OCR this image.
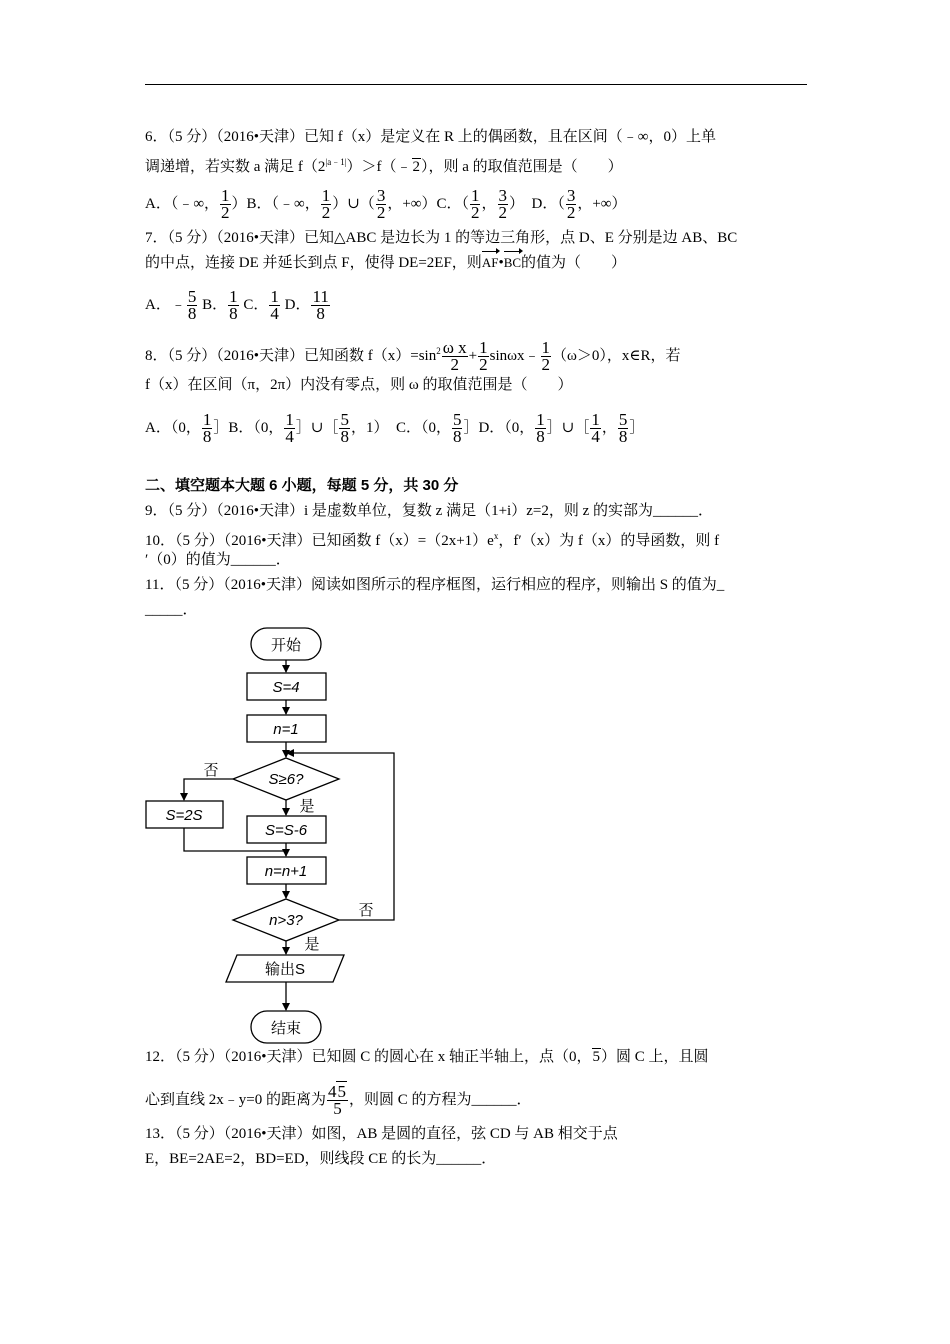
6．（5 分）（2016•天津）已知 f（x）是定义在 R 上的偶函数，且在区间（﹣∞，0）上单
调递增，若实数 a 满足 $f(2^{|a﹣1|})>f(﹣2)$，则 a 的取值范围是（　　）
A．（﹣∞， $\frac{1}{2} )B$．（﹣∞， $\frac{1}{2}$ ）∪（ $\frac{3}{2}$ ，+∞）C．（ $\frac{1}{2}$ ， $\frac{3}{2}$ ）　D．（ $\frac{3}{2}$ ，+∞）
7．（5 分）（2016•天津）已知△ABC 是边长为 1 的等边三角形，点 D、E 分别是边 AB、BC
的中点，连接 DE 并延长到点 F，使得 DE=2EF，则AF•BC的值为（　　）
A．﹣ $\frac{5}{8}$ B． $\frac{1}{8}$ C． $\frac{1}{4}$ D． $\frac{11}{8}$
8．（5 分）（2016•天津）已知函数 $f(x)=\sin^2 \frac{\text{ω x}}{2} + \frac{1}{2}$ sinωx﹣ $\frac{1}{2} (\omega>0)$，x∈R，若
f（x）在区间（π，2π）内没有零点，则 ω 的取值范围是（　　）
A．（0， $\frac{1}{8}$ ］B．（0， $\frac{1}{4}$ ］∪［ $\frac{5}{8}$ ，1）　C．（0， $\frac{5}{8}$ ］D．（0， $\frac{1}{8}$ ］∪［ $\frac{1}{4}$ ， $\frac{5}{8}$ ］
二、填空题本大题 6 小题，每题 5 分，共 30 分
9．（5 分）（2016•天津）i 是虚数单位，复数 z 满足（1+i）z=2，则 z 的实部为______．
10．（5 分）（2016•天津）已知函数 $f(x)=(2x+1)e^x$，f′（x）为 f（x）的导函数，则 f
′（0）的值为______．
11．（5 分）（2016•天津）阅读如图所示的程序框图，运行相应的程序，则输出 S 的值为_
_____．
开始
S=4
n=1
S≥6?
否
是
S=2S
S=S-6
n=n+1
n>3?
否
是
输出S
结束
12．（5 分）（2016•天津）已知圆 C 的圆心在 x 轴正半轴上，点（0，5）圆 C 上，且圆
心到直线 2x﹣y=0 的距离为 $\frac{45}{5}$ ，则圆 C 的方程为______．
13．（5 分）（2016•天津）如图，AB 是圆的直径，弦 CD 与 AB 相交于点
E，BE=2AE=2，BD=ED，则线段 CE 的长为______．
